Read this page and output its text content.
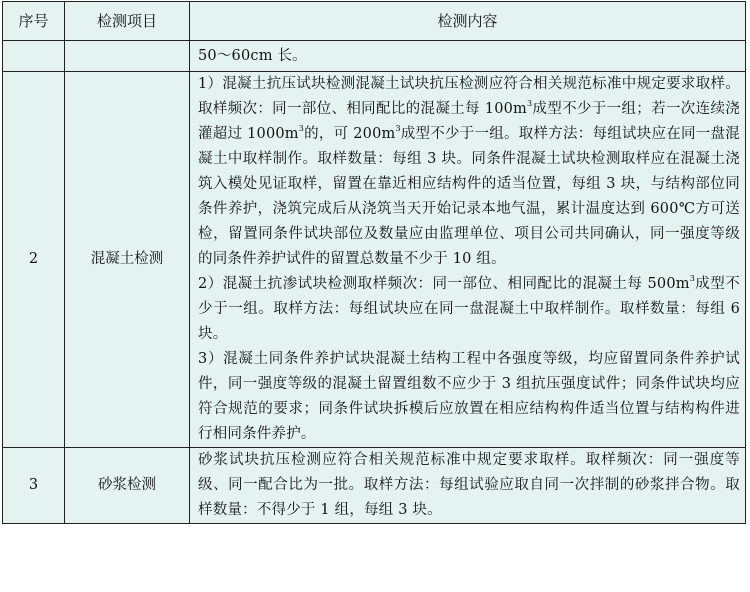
序号	检测项目	检测内容
		50～60cm 长。
2	混凝土检测	1）混凝土抗压试块检测混凝土试块抗压检测应符合相关规范标准中规定要求取样。取样频次：同一部位、相同配比的混凝土每 $100m^3$成型不少于一组；若一次连续浇灌超过 $1000m^3$的，可 $200m^3$成型不少于一组。取样方法：每组试块应在同一盘混凝土中取样制作。取样数量：每组 3 块。同条件混凝土试块检测取样应在混凝土浇筑入模处见证取样，留置在靠近相应结构件的适当位置，每组 3 块，与结构部位同条件养护，浇筑完成后从浇筑当天开始记录本地气温，累计温度达到 600℃方可送检，留置同条件试块部位及数量应由监理单位、项目公司共同确认，同一强度等级的同条件养护试件的留置总数量不少于 10 组。
2）混凝土抗渗试块检测取样频次：同一部位、相同配比的混凝土每 $500m^3$成型不少于一组。取样方法：每组试块应在同一盘混凝土中取样制作。取样数量：每组 6 块。
3）混凝土同条件养护试块混凝土结构工程中各强度等级，均应留置同条件养护试件，同一强度等级的混凝土留置组数不应少于 3 组抗压强度试件；同条件试块均应符合规范的要求；同条件试块拆模后应放置在相应结构构件适当位置与结构构件进行相同条件养护。

3	砂浆检测	砂浆试块抗压检测应符合相关规范标准中规定要求取样。取样频次：同一强度等级、同一配合比为一批。取样方法：每组试验应取自同一次拌制的砂浆拌合物。取样数量：不得少于 1 组，每组 3 块。
